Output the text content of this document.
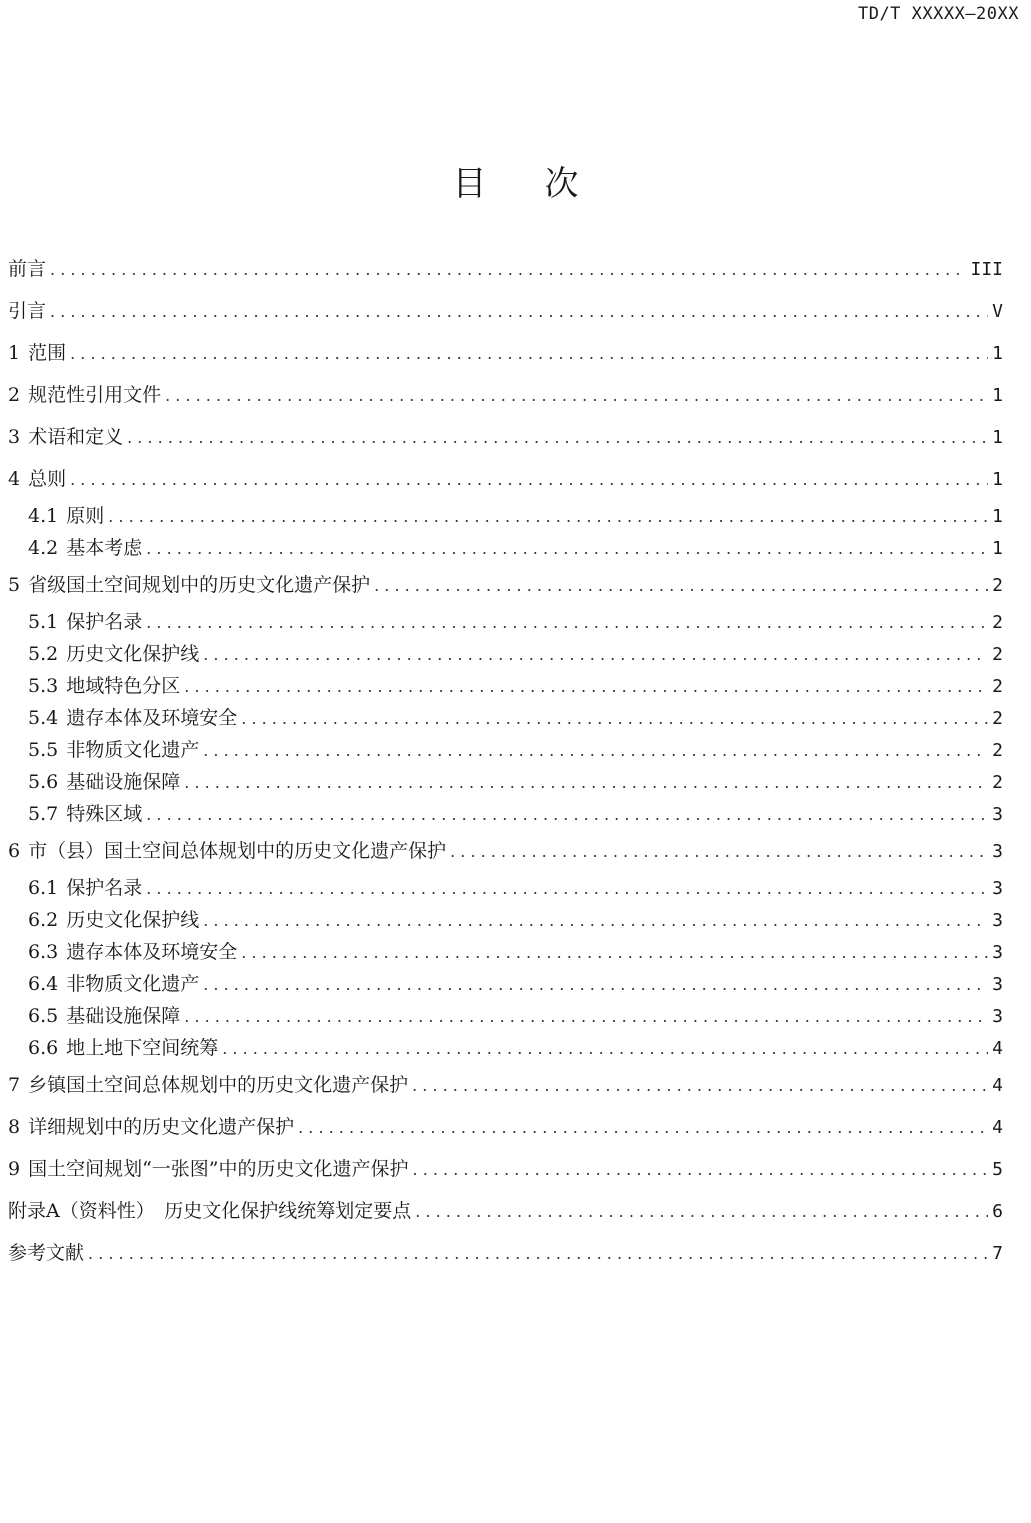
TD/T XXXXX—20XX
目次
前言 . . .	III
引言 . . .	V
1 范围 . . .	1
2 规范性引用文件 . . .	1
3 术语和定义 . . .	1
4 总则 . . .	1
4.1 原则 . . .	1
4.2 基本考虑 . . .	1
5 省级国土空间规划中的历史文化遗产保护 . . .	2
5.1 保护名录 . . .	2
5.2 历史文化保护线 . . .	2
5.3 地域特色分区 . . .	2
5.4 遗存本体及环境安全 . . .	2
5.5 非物质文化遗产 . . .	2
5.6 基础设施保障 . . .	2
5.7 特殊区域 . . .	3
6 市（县）国土空间总体规划中的历史文化遗产保护 . . .	3
6.1 保护名录 . . .	3
6.2 历史文化保护线 . . .	3
6.3 遗存本体及环境安全 . . .	3
6.4 非物质文化遗产 . . .	3
6.5 基础设施保障 . . .	3
6.6 地上地下空间统筹 . . .	4
7 乡镇国土空间总体规划中的历史文化遗产保护 . . .	4
8 详细规划中的历史文化遗产保护 . . .	4
9 国土空间规划“一张图”中的历史文化遗产保护 . . .	5
附录A（资料性）　历史文化保护线统筹划定要点 . . .	6
参考文献 . . .	7
